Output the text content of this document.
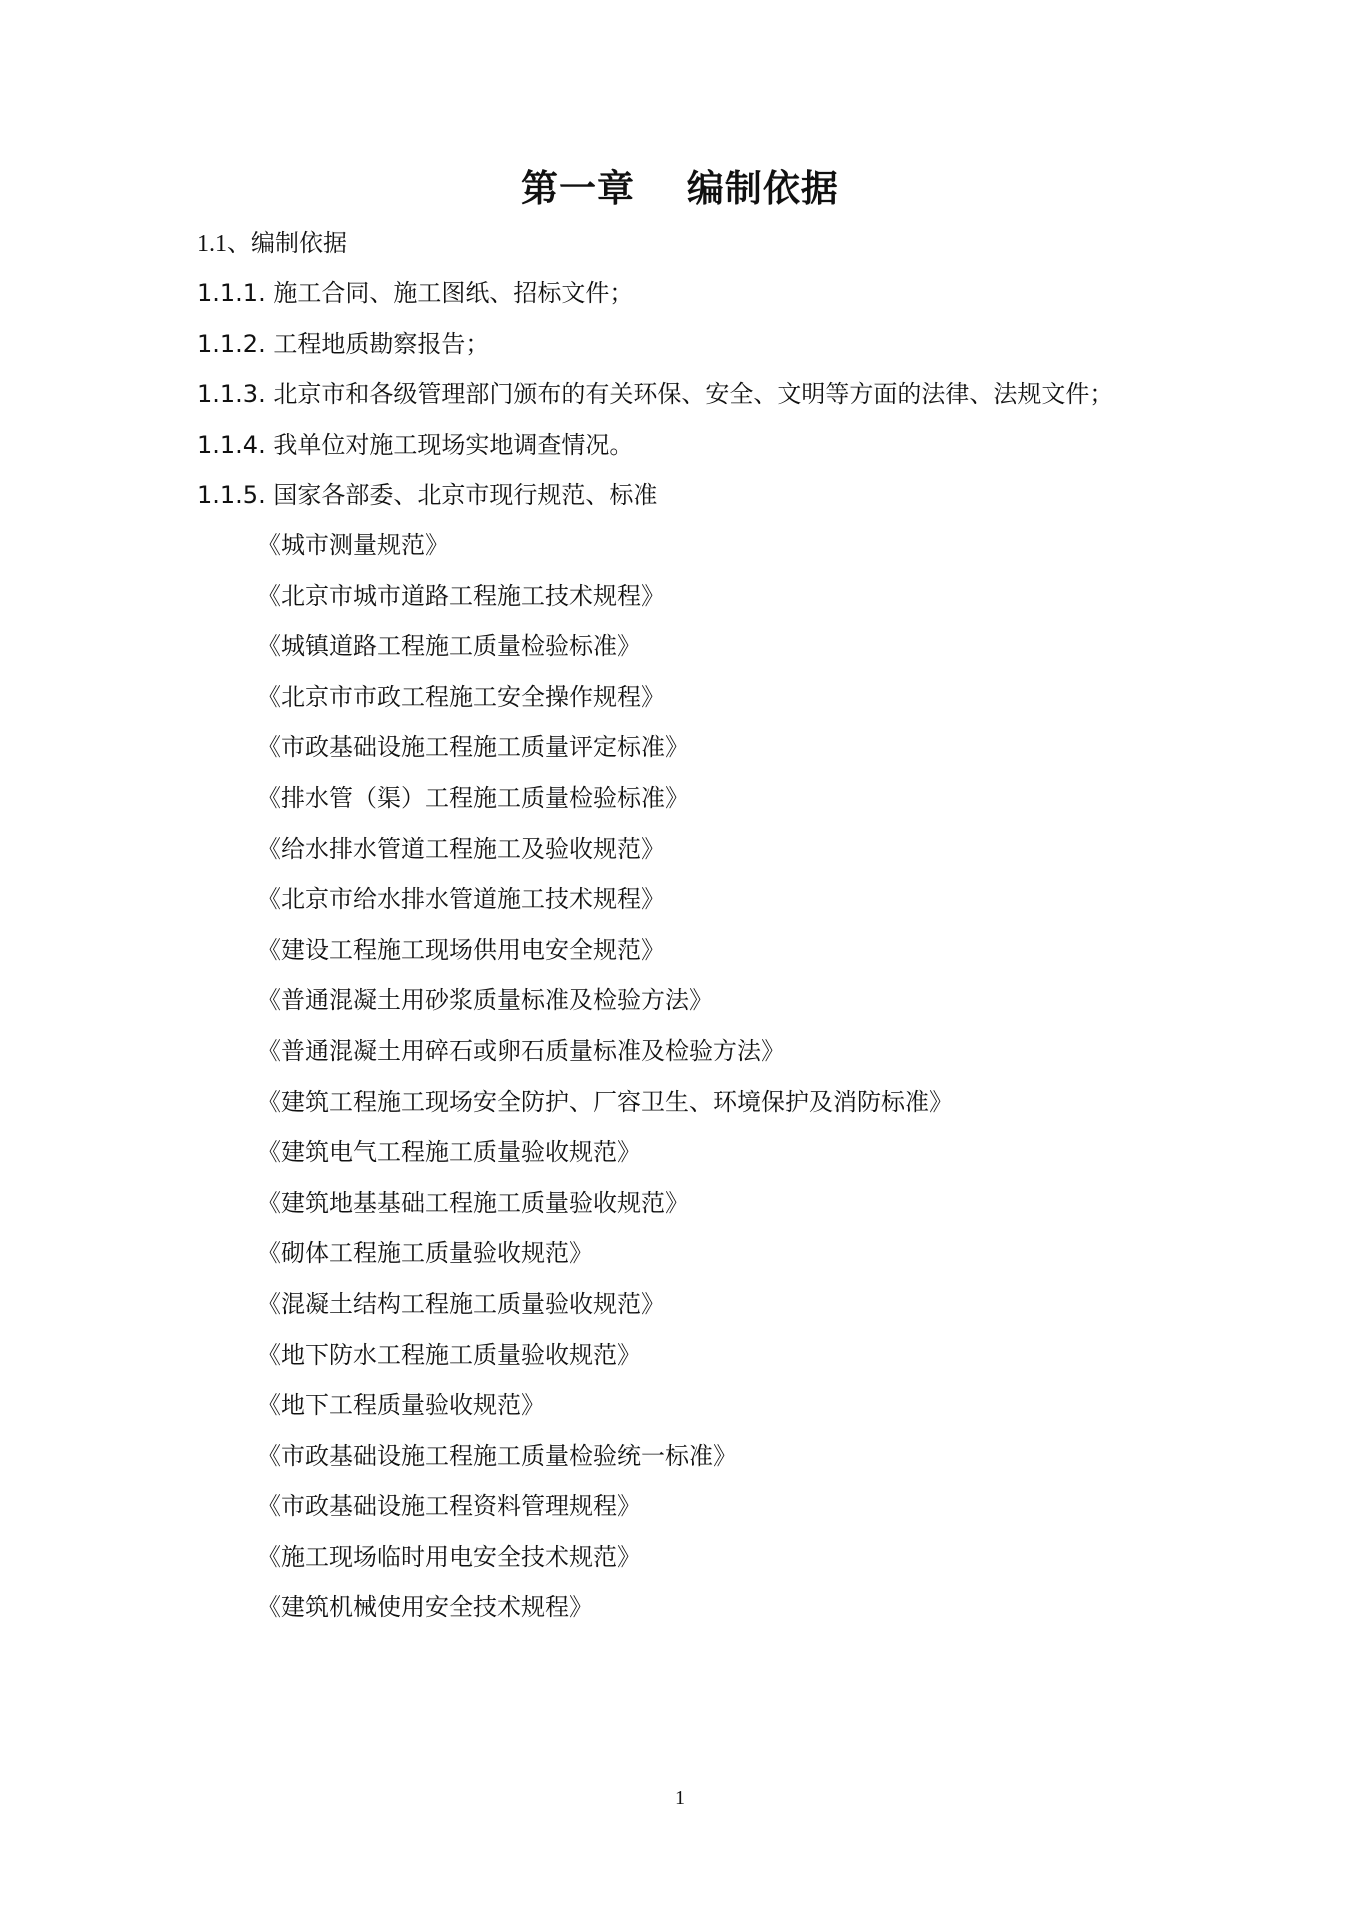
第一章　 编制依据
1.1、编制依据
1.1.1. 施工合同、施工图纸、招标文件；
1.1.2. 工程地质勘察报告；
1.1.3. 北京市和各级管理部门颁布的有关环保、安全、文明等方面的法律、法规文件；
1.1.4. 我单位对施工现场实地调查情况。
1.1.5. 国家各部委、北京市现行规范、标准
《城市测量规范》
《北京市城市道路工程施工技术规程》
《城镇道路工程施工质量检验标准》
《北京市市政工程施工安全操作规程》
《市政基础设施工程施工质量评定标准》
《排水管（渠）工程施工质量检验标准》
《给水排水管道工程施工及验收规范》
《北京市给水排水管道施工技术规程》
《建设工程施工现场供用电安全规范》
《普通混凝土用砂浆质量标准及检验方法》
《普通混凝土用碎石或卵石质量标准及检验方法》
《建筑工程施工现场安全防护、厂容卫生、环境保护及消防标准》
《建筑电气工程施工质量验收规范》
《建筑地基基础工程施工质量验收规范》
《砌体工程施工质量验收规范》
《混凝土结构工程施工质量验收规范》
《地下防水工程施工质量验收规范》
《地下工程质量验收规范》
《市政基础设施工程施工质量检验统一标准》
《市政基础设施工程资料管理规程》
《施工现场临时用电安全技术规范》
《建筑机械使用安全技术规程》
1
